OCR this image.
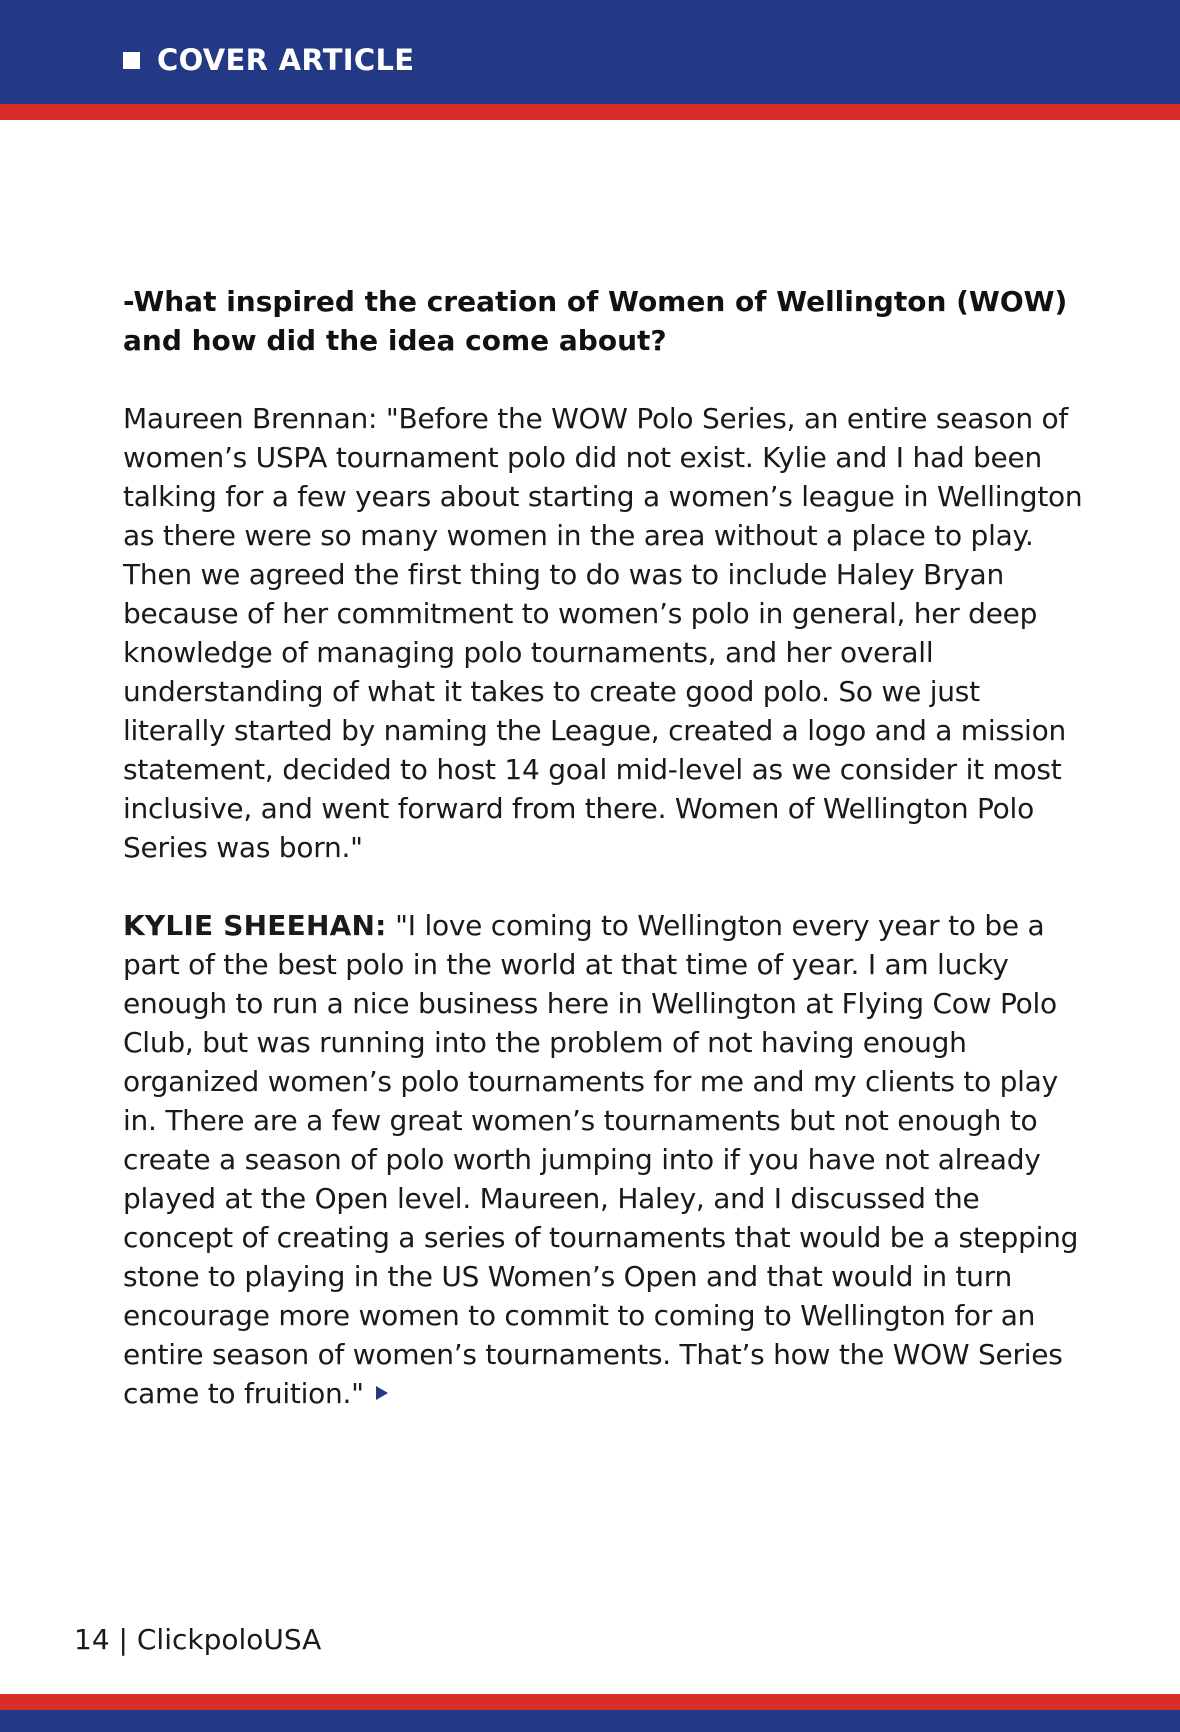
COVER ARTICLE

-What inspired the creation of Women of Wellington (WOW) and how did the idea come about?

Maureen Brennan: "Before the WOW Polo Series, an entire season of women’s USPA tournament polo did not exist. Kylie and I had been talking for a few years about starting a women’s league in Wellington as there were so many women in the area without a place to play. Then we agreed the first thing to do was to include Haley Bryan because of her commitment to women’s polo in general, her deep knowledge of managing polo tournaments, and her overall understanding of what it takes to create good polo. So we just literally started by naming the League, created a logo and a mission statement, decided to host 14 goal mid-level as we consider it most inclusive, and went forward from there. Women of Wellington Polo Series was born."

KYLIE SHEEHAN: "I love coming to Wellington every year to be a part of the best polo in the world at that time of year. I am lucky enough to run a nice business here in Wellington at Flying Cow Polo Club, but was running into the problem of not having enough organized women’s polo tournaments for me and my clients to play in. There are a few great women’s tournaments but not enough to create a season of polo worth jumping into if you have not already played at the Open level. Maureen, Haley, and I discussed the concept of creating a series of tournaments that would be a stepping stone to playing in the US Women’s Open and that would in turn encourage more women to commit to coming to Wellington for an entire season of women’s tournaments. That’s how the WOW Series came to fruition."

14 | ClickpoloUSA
